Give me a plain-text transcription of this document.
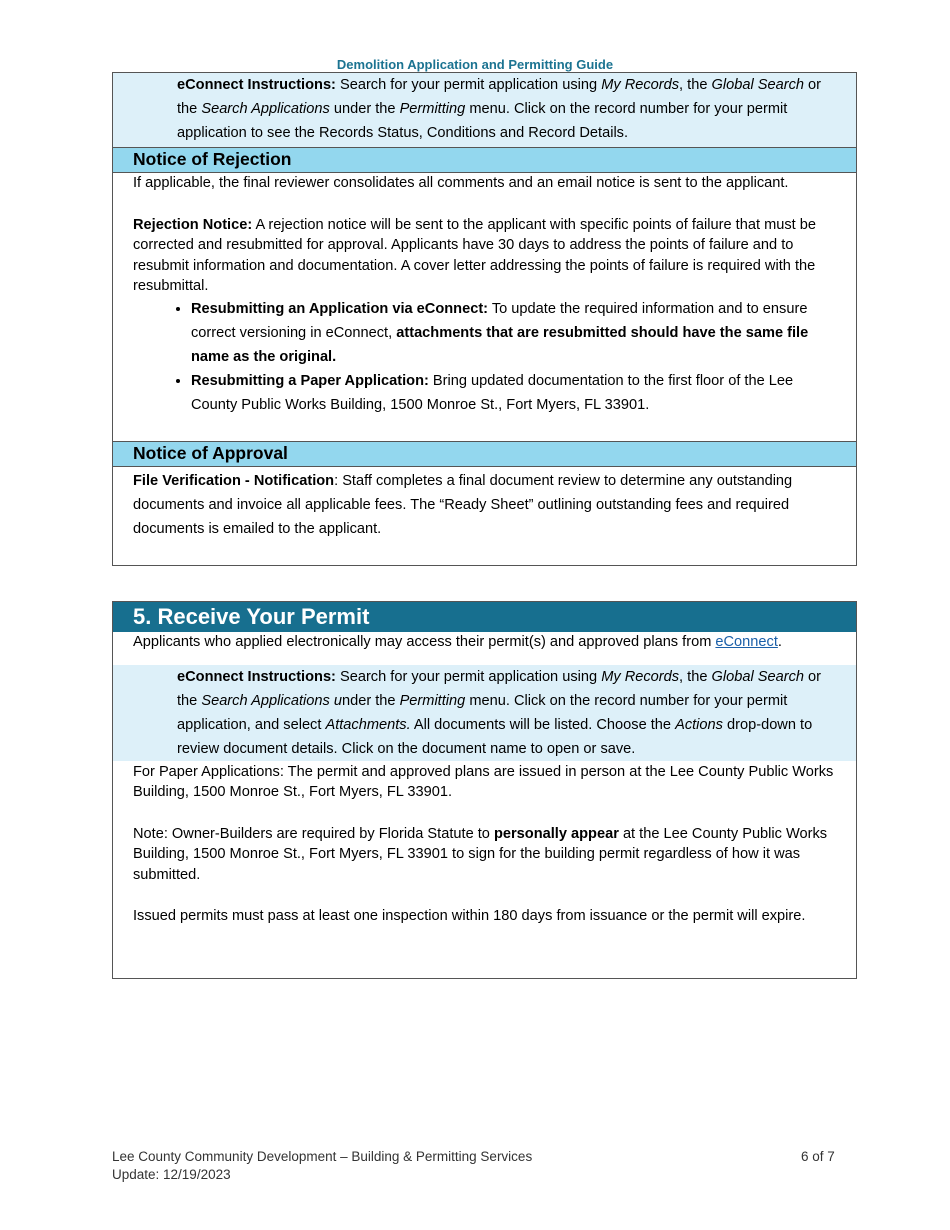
Demolition Application and Permitting Guide

eConnect Instructions: Search for your permit application using My Records, the Global Search or the Search Applications under the Permitting menu. Click on the record number for your permit application to see the Records Status, Conditions and Record Details.

Notice of Rejection

If applicable, the final reviewer consolidates all comments and an email notice is sent to the applicant.

Rejection Notice: A rejection notice will be sent to the applicant with specific points of failure that must be corrected and resubmitted for approval. Applicants have 30 days to address the points of failure and to resubmit information and documentation. A cover letter addressing the points of failure is required with the resubmittal.

• Resubmitting an Application via eConnect: To update the required information and to ensure correct versioning in eConnect, attachments that are resubmitted should have the same file name as the original.
• Resubmitting a Paper Application: Bring updated documentation to the first floor of the Lee County Public Works Building, 1500 Monroe St., Fort Myers, FL 33901.
Notice of Approval

File Verification - Notification: Staff completes a final document review to determine any outstanding documents and invoice all applicable fees. The “Ready Sheet” outlining outstanding fees and required documents is emailed to the applicant.

5. Receive Your Permit

Applicants who applied electronically may access their permit(s) and approved plans from eConnect.

eConnect Instructions: Search for your permit application using My Records, the Global Search or the Search Applications under the Permitting menu. Click on the record number for your permit application, and select Attachments. All documents will be listed. Choose the Actions drop-down to review document details. Click on the document name to open or save.

For Paper Applications: The permit and approved plans are issued in person at the Lee County Public Works Building, 1500 Monroe St., Fort Myers, FL 33901.

Note: Owner-Builders are required by Florida Statute to personally appear at the Lee County Public Works Building, 1500 Monroe St., Fort Myers, FL 33901 to sign for the building permit regardless of how it was submitted.

Issued permits must pass at least one inspection within 180 days from issuance or the permit will expire.

Lee County Community Development – Building & Permitting Services
Update: 12/19/2023
6 of 7
